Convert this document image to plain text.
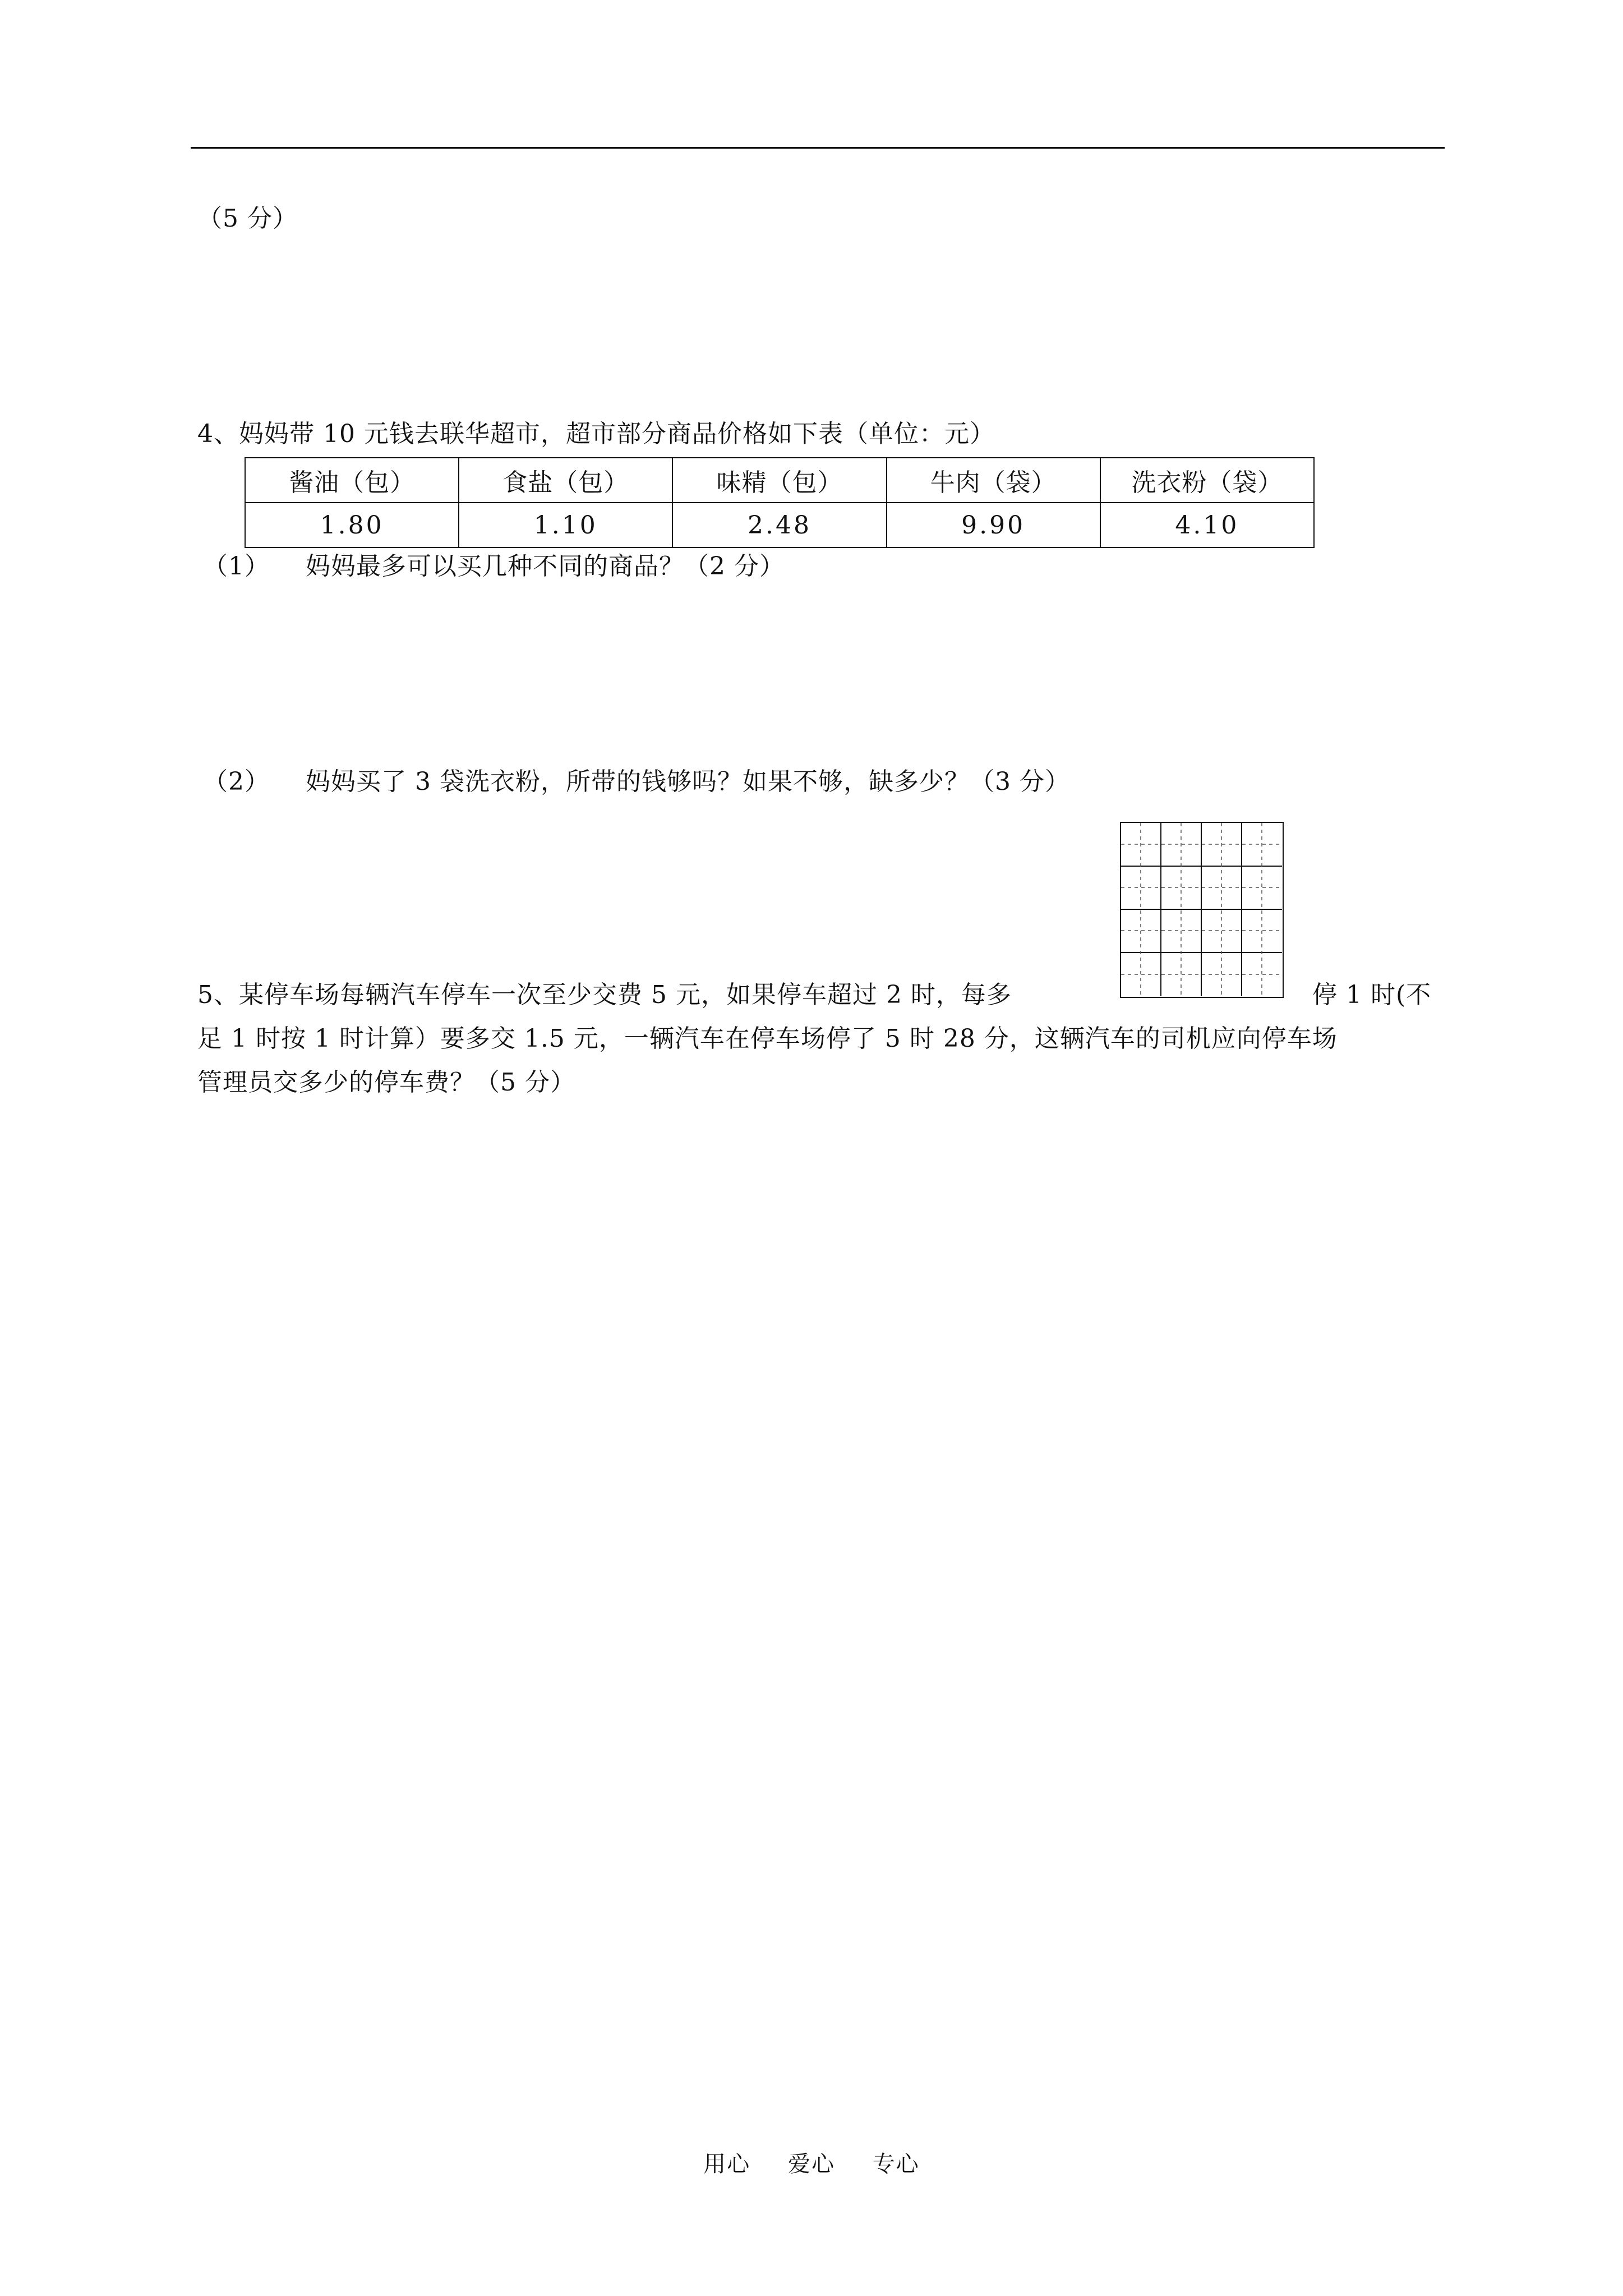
（5 分）
4、妈妈带 10 元钱去联华超市，超市部分商品价格如下表（单位：元）
酱油（包）	食盐（包）	味精（包）	牛肉（袋）	洗衣粉（袋）
1.80	1.10	2.48	9.90	4.10
（1） 妈妈最多可以买几种不同的商品？（2 分）
（2） 妈妈买了 3 袋洗衣粉，所带的钱够吗？如果不够，缺多少？（3 分）
5、某停车场每辆汽车停车一次至少交费 5 元，如果停车超过 2 时，每多	停 1 时(不
足 1 时按 1 时计算）要多交 1.5 元，一辆汽车在停车场停了 5 时 28 分，这辆汽车的司机应向停车场
管理员交多少的停车费？（5 分）
用心 爱心 专心
